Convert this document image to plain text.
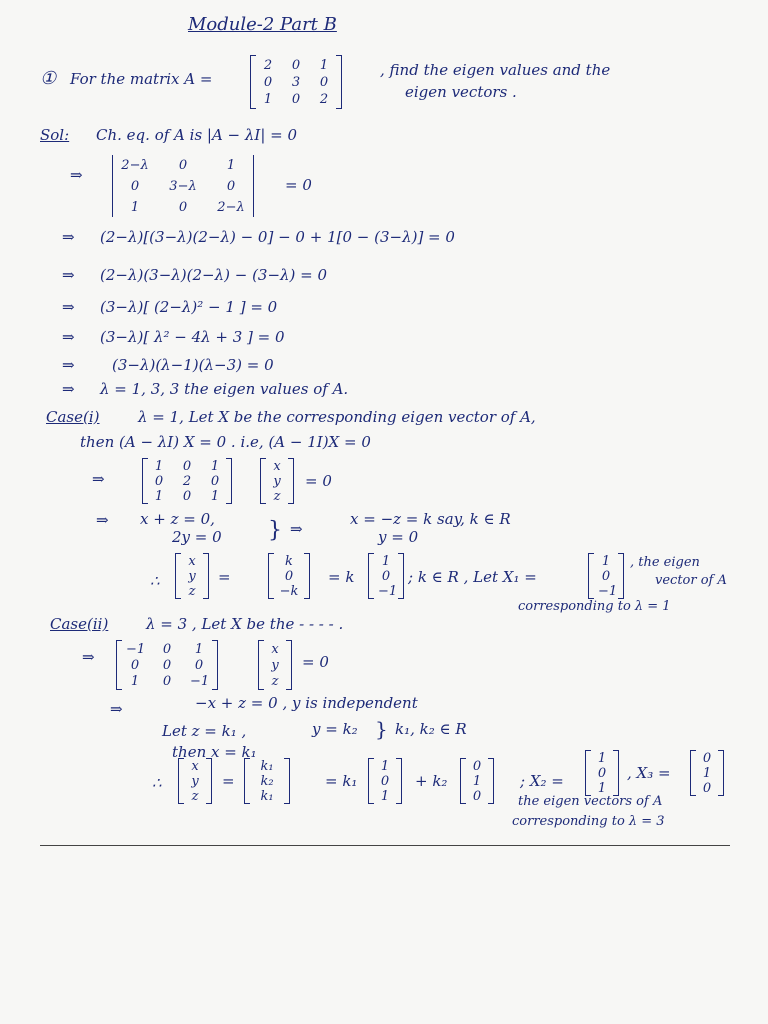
Module-2 Part B
① For the matrix A =
2 0 1
0 3 0
1 0 2
, find the eigen values and the
eigen vectors .
Sol: Ch. eq. of A is |A − λI| = 0
⇒
2−λ	0	1
0	3−λ	0
1	0	2−λ
= 0
⇒ (2−λ)[(3−λ)(2−λ) − 0] − 0 + 1[0 − (3−λ)] = 0
⇒ (2−λ)(3−λ)(2−λ) − (3−λ) = 0
⇒ (3−λ)[ (2−λ)² − 1 ] = 0
⇒ (3−λ)[ λ² − 4λ + 3 ] = 0
⇒ (3−λ)(λ−1)(λ−3) = 0
⇒ λ = 1, 3, 3 the eigen values of A.
Case(i)	λ = 1, Let X be the corresponding eigen vector of A,
then (A − λI) X = 0 . i.e, (A − 1I)X = 0
⇒
1 0 1
0 2 0
1 0 1
x
y
z
= 0
⇒ x + z = 0,
2y = 0 } ⇒
x = −z = k say, k ∈ R
y = 0
∴
x
y
z
=
k
0
−k
= k
1
0
−1
; k ∈ R , Let X₁ =
1
0
−1
, the eigen
vector of A
corresponding to λ = 1
Case(ii)	λ = 3 , Let X be the - - - - .
⇒ −1	0	1
0	0	0
1	0	−1
x
y
z
= 0
⇒	−x + z = 0 , y is independent
Let z = k₁ ,	y = k₂ } k₁, k₂ ∈ R
then x = k₁
∴
x
y
z
=
k₁
k₂
k₁
= k₁
1
0
1
+ k₂
0
1
0
; X₂ =
1
0
1
, X₃ =
0
1
0
the eigen vectors of A
corresponding to λ = 3
